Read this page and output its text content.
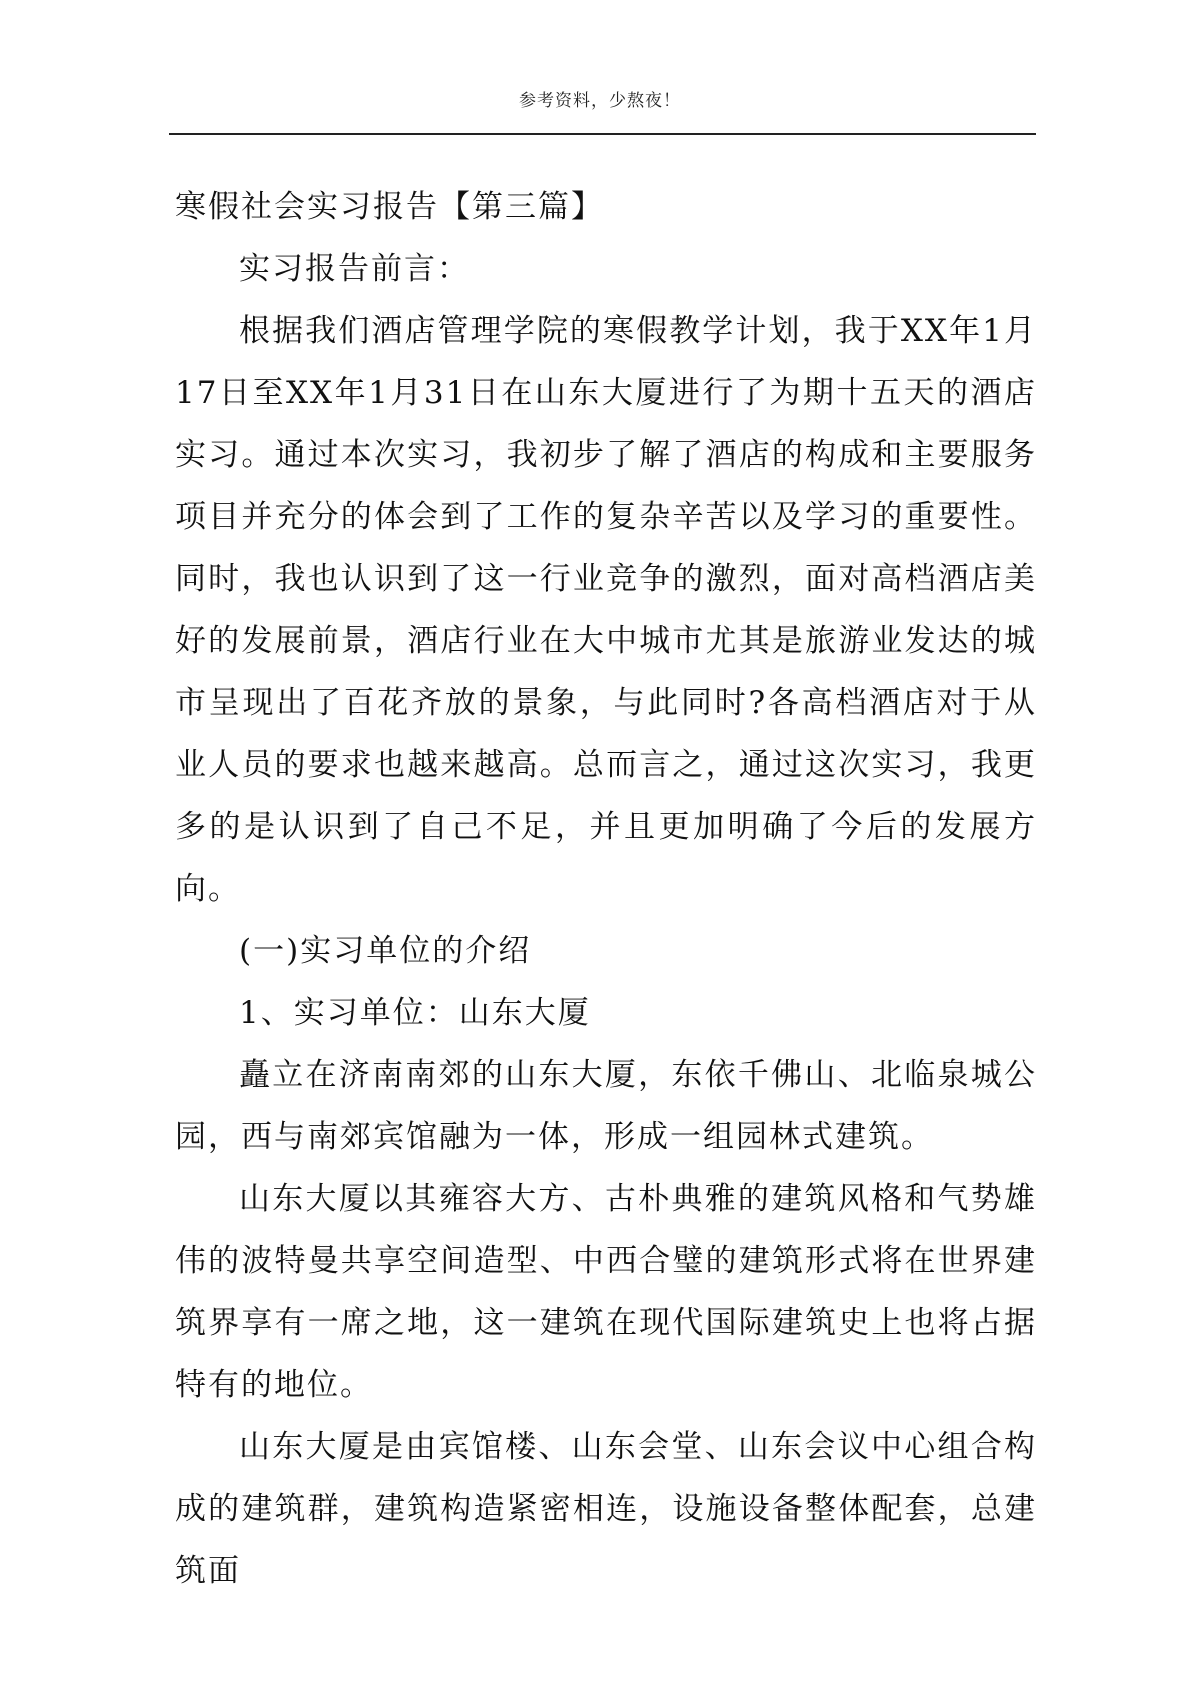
参考资料，少熬夜！
寒假社会实习报告【第三篇】

实习报告前言：

根据我们酒店管理学院的寒假教学计划，我于XX年1月17日至XX年1月31日在山东大厦进行了为期十五天的酒店实习。通过本次实习，我初步了解了酒店的构成和主要服务项目并充分的体会到了工作的复杂辛苦以及学习的重要性。同时，我也认识到了这一行业竞争的激烈，面对高档酒店美好的发展前景，酒店行业在大中城市尤其是旅游业发达的城市呈现出了百花齐放的景象，与此同时?各高档酒店对于从业人员的要求也越来越高。总而言之，通过这次实习，我更多的是认识到了自己不足，并且更加明确了今后的发展方向。

(一)实习单位的介绍

1、实习单位：山东大厦

矗立在济南南郊的山东大厦，东依千佛山、北临泉城公园，西与南郊宾馆融为一体，形成一组园林式建筑。

山东大厦以其雍容大方、古朴典雅的建筑风格和气势雄伟的波特曼共享空间造型、中西合璧的建筑形式将在世界建筑界享有一席之地，这一建筑在现代国际建筑史上也将占据特有的地位。

山东大厦是由宾馆楼、山东会堂、山东会议中心组合构成的建筑群，建筑构造紧密相连，设施设备整体配套，总建筑面
